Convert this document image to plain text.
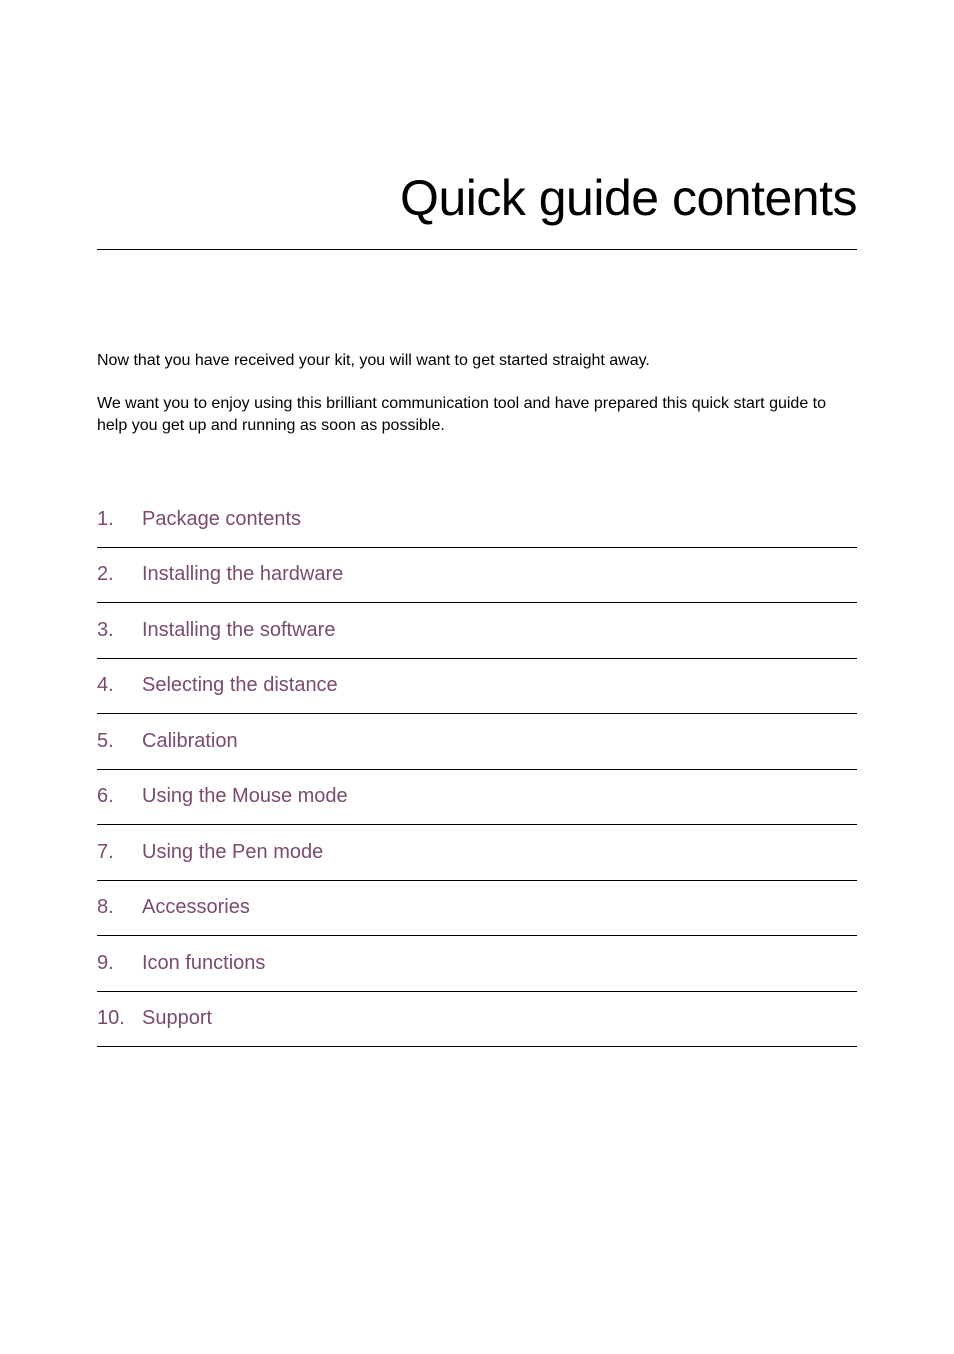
Quick guide contents

Now that you have received your kit, you will want to get started straight away.

We want you to enjoy using this brilliant communication tool and have prepared this quick start guide to help you get up and running as soon as possible.

1.	Package contents
2.	Installing the hardware
3.	Installing the software
4.	Selecting the distance
5.	Calibration
6.	Using the Mouse mode
7.	Using the Pen mode
8.	Accessories
9.	Icon functions
10. Support
